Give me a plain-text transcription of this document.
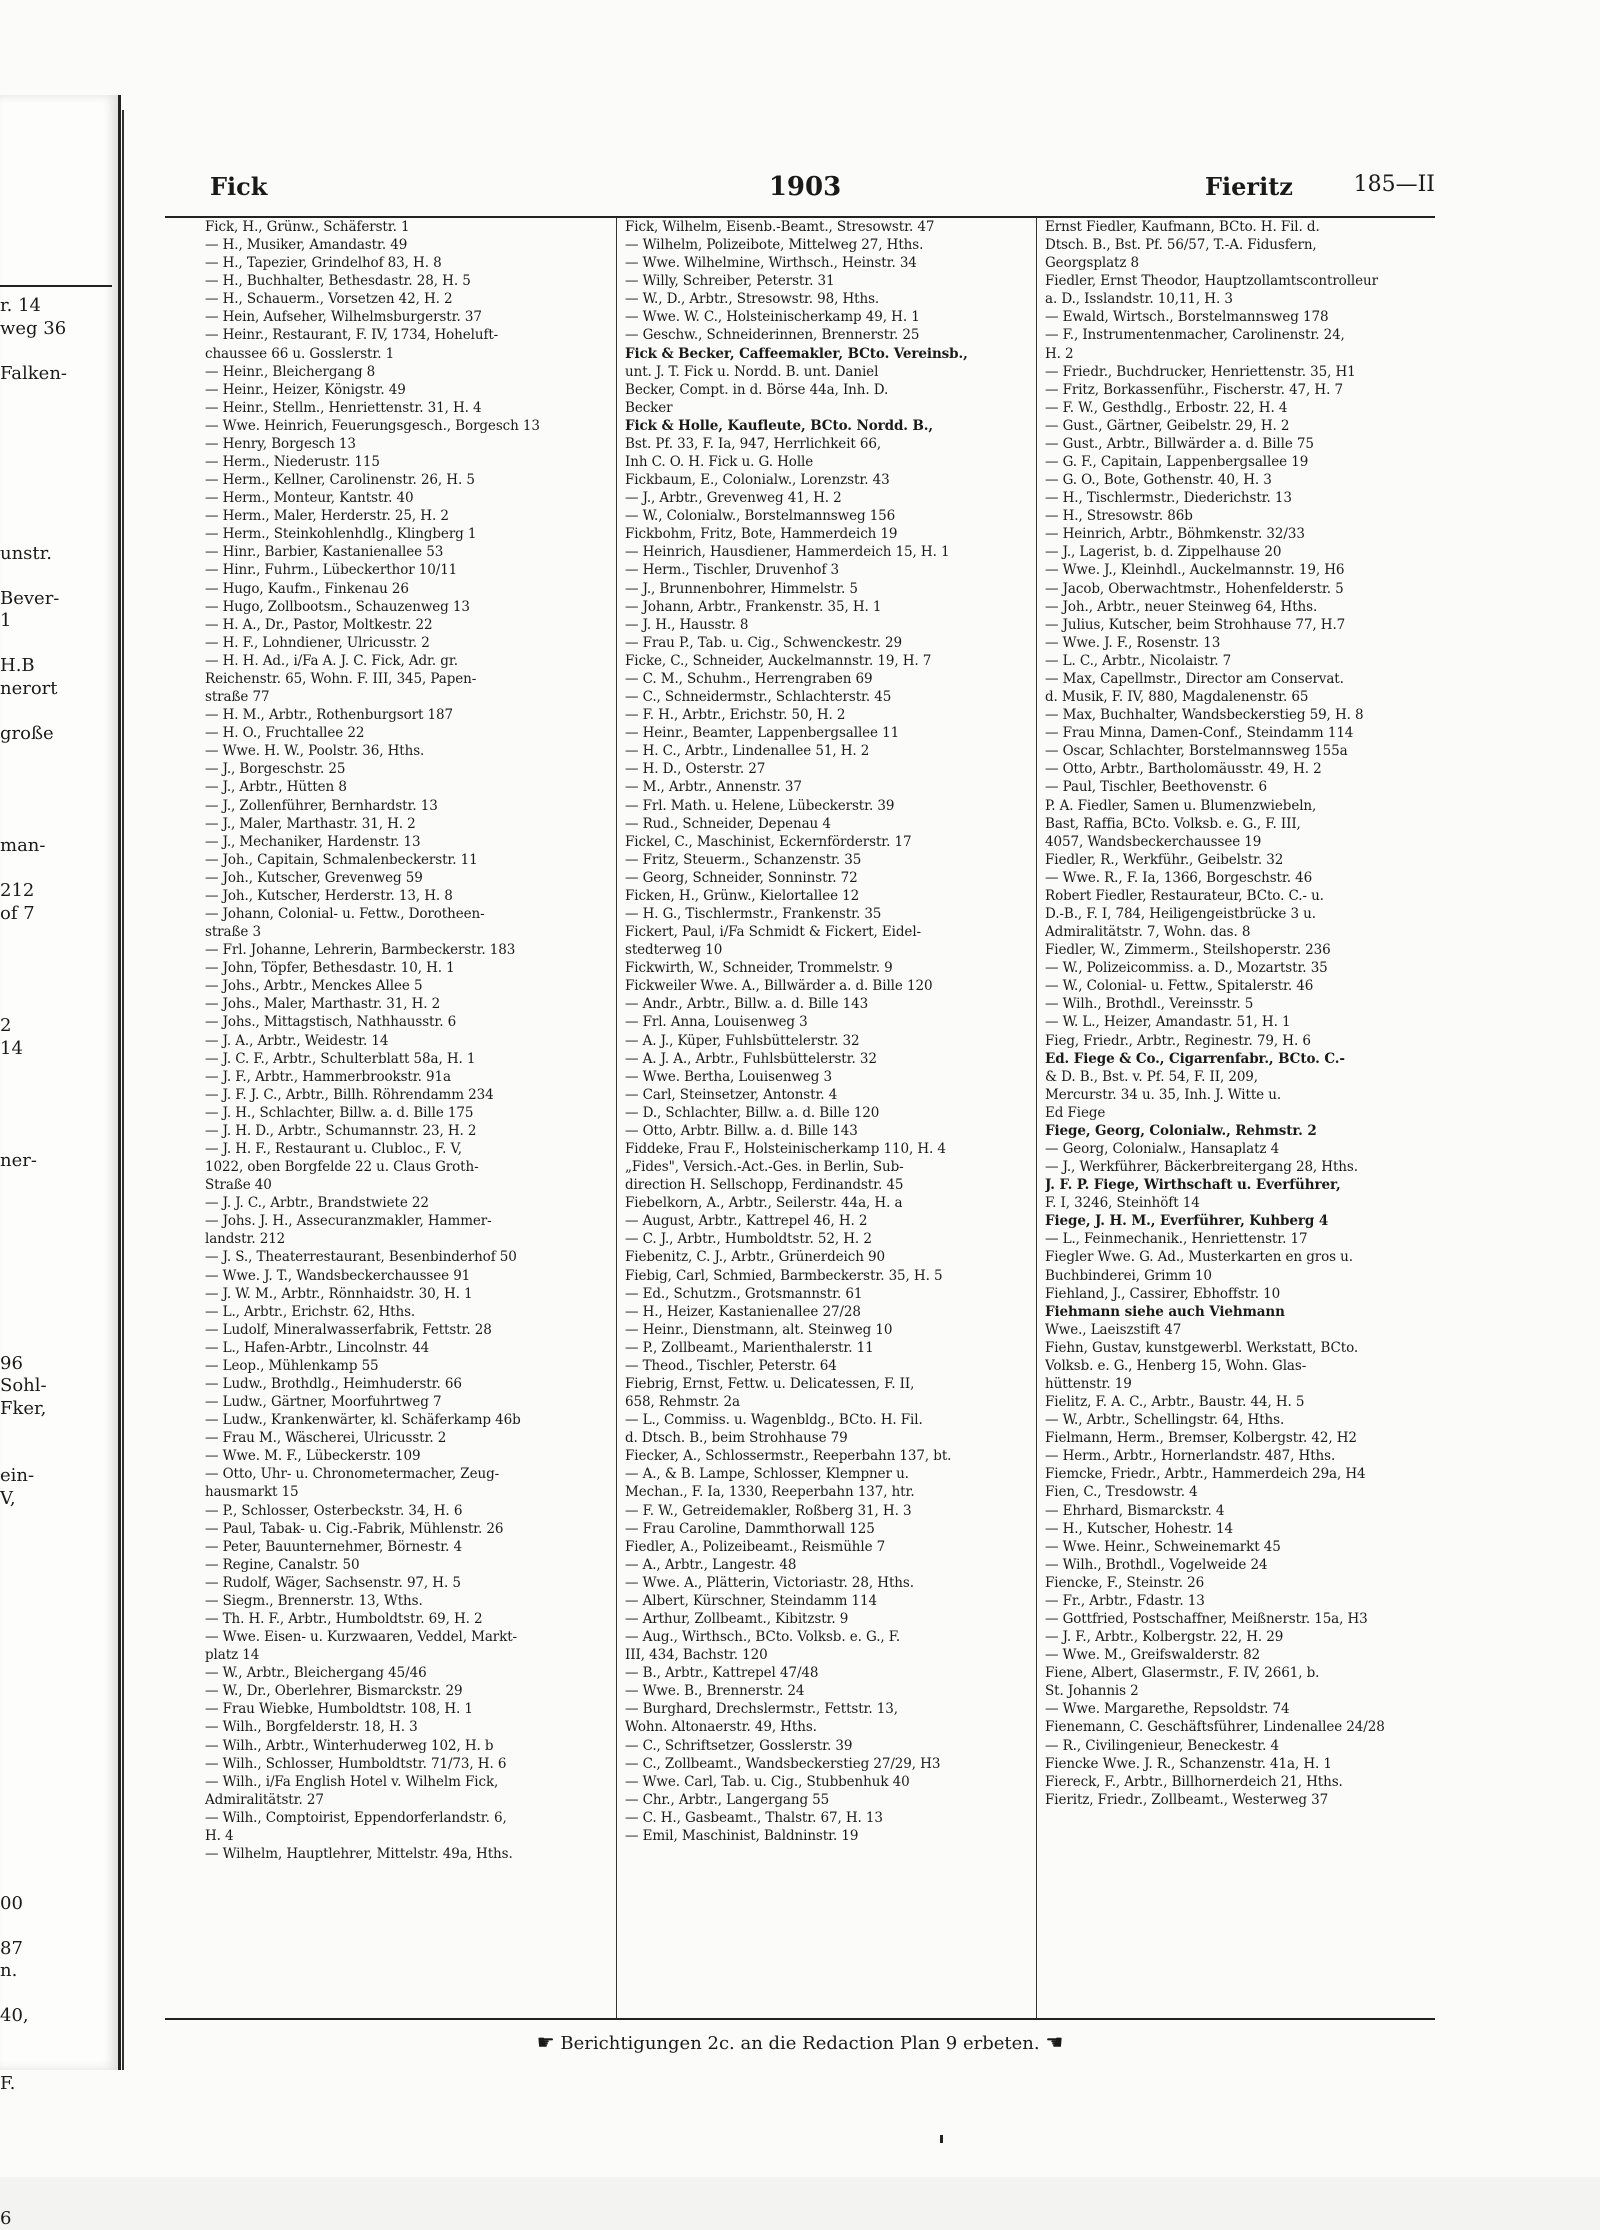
r. 14
weg 36
Falken-
unstr.
Bever-
1
H.B
nerort
große
man-
212
of 7
2
14
ner-
96
Sohl-
Fker,
ein-
V,
00
87
n.
40,
F.
6
Fick	1903	Fieritz	185—II
Fick, H., Grünw., Schäferstr. 1
— H., Musiker, Amandastr. 49
— H., Tapezier, Grindelhof 83, H. 8
— H., Buchhalter, Bethesdastr. 28, H. 5
— H., Schauerm., Vorsetzen 42, H. 2
— Hein, Aufseher, Wilhelmsburgerstr. 37
— Heinr., Restaurant, F. IV, 1734, Hoheluft-
chaussee 66 u. Gosslerstr. 1
— Heinr., Bleichergang 8
— Heinr., Heizer, Königstr. 49
— Heinr., Stellm., Henriettenstr. 31, H. 4
— Wwe. Heinrich, Feuerungsgesch., Borgesch 13
— Henry, Borgesch 13
— Herm., Niederustr. 115
— Herm., Kellner, Carolinenstr. 26, H. 5
— Herm., Monteur, Kantstr. 40
— Herm., Maler, Herderstr. 25, H. 2
— Herm., Steinkohlenhdlg., Klingberg 1
— Hinr., Barbier, Kastanienallee 53
— Hinr., Fuhrm., Lübeckerthor 10/11
— Hugo, Kaufm., Finkenau 26
— Hugo, Zollbootsm., Schauzenweg 13
— H. A., Dr., Pastor, Moltkestr. 22
— H. F., Lohndiener, Ulricusstr. 2
— H. H. Ad., i/Fa A. J. C. Fick, Adr. gr.
Reichenstr. 65, Wohn. F. III, 345, Papen-
straße 77
— H. M., Arbtr., Rothenburgsort 187
— H. O., Fruchtallee 22
— Wwe. H. W., Poolstr. 36, Hths.
— J., Borgeschstr. 25
— J., Arbtr., Hütten 8
— J., Zollenführer, Bernhardstr. 13
— J., Maler, Marthastr. 31, H. 2
— J., Mechaniker, Hardenstr. 13
— Joh., Capitain, Schmalenbeckerstr. 11
— Joh., Kutscher, Grevenweg 59
— Joh., Kutscher, Herderstr. 13, H. 8
— Johann, Colonial- u. Fettw., Dorotheen-
straße 3
— Frl. Johanne, Lehrerin, Barmbeckerstr. 183
— John, Töpfer, Bethesdastr. 10, H. 1
— Johs., Arbtr., Menckes Allee 5
— Johs., Maler, Marthastr. 31, H. 2
— Johs., Mittagstisch, Nathhausstr. 6
— J. A., Arbtr., Weidestr. 14
— J. C. F., Arbtr., Schulterblatt 58a, H. 1
— J. F., Arbtr., Hammerbrookstr. 91a
— J. F. J. C., Arbtr., Billh. Röhrendamm 234
— J. H., Schlachter, Billw. a. d. Bille 175
— J. H. D., Arbtr., Schumannstr. 23, H. 2
— J. H. F., Restaurant u. Clubloc., F. V,
1022, oben Borgfelde 22 u. Claus Groth-
Straße 40
— J. J. C., Arbtr., Brandstwiete 22
— Johs. J. H., Assecuranzmakler, Hammer-
landstr. 212
— J. S., Theaterrestaurant, Besenbinderhof 50
— Wwe. J. T., Wandsbeckerchaussee 91
— J. W. M., Arbtr., Rönnhaidstr. 30, H. 1
— L., Arbtr., Erichstr. 62, Hths.
— Ludolf, Mineralwasserfabrik, Fettstr. 28
— L., Hafen-Arbtr., Lincolnstr. 44
— Leop., Mühlenkamp 55
— Ludw., Brothdlg., Heimhuderstr. 66
— Ludw., Gärtner, Moorfuhrtweg 7
— Ludw., Krankenwärter, kl. Schäferkamp 46b
— Frau M., Wäscherei, Ulricusstr. 2
— Wwe. M. F., Lübeckerstr. 109
— Otto, Uhr- u. Chronometermacher, Zeug-
hausmarkt 15
— P., Schlosser, Osterbeckstr. 34, H. 6
— Paul, Tabak- u. Cig.-Fabrik, Mühlenstr. 26
— Peter, Bauunternehmer, Börnestr. 4
— Regine, Canalstr. 50
— Rudolf, Wäger, Sachsenstr. 97, H. 5
— Siegm., Brennerstr. 13, Wths.
— Th. H. F., Arbtr., Humboldtstr. 69, H. 2
— Wwe. Eisen- u. Kurzwaaren, Veddel, Markt-
platz 14
— W., Arbtr., Bleichergang 45/46
— W., Dr., Oberlehrer, Bismarckstr. 29
— Frau Wiebke, Humboldtstr. 108, H. 1
— Wilh., Borgfelderstr. 18, H. 3
— Wilh., Arbtr., Winterhuderweg 102, H. b
— Wilh., Schlosser, Humboldtstr. 71/73, H. 6
— Wilh., i/Fa English Hotel v. Wilhelm Fick,
Admiralitätstr. 27
— Wilh., Comptoirist, Eppendorferlandstr. 6,
H. 4
— Wilhelm, Hauptlehrer, Mittelstr. 49a, Hths.
Fick, Wilhelm, Eisenb.-Beamt., Stresowstr. 47
— Wilhelm, Polizeibote, Mittelweg 27, Hths.
— Wwe. Wilhelmine, Wirthsch., Heinstr. 34
— Willy, Schreiber, Peterstr. 31
— W., D., Arbtr., Stresowstr. 98, Hths.
— Wwe. W. C., Holsteinischerkamp 49, H. 1
— Geschw., Schneiderinnen, Brennerstr. 25
Fick & Becker, Caffeemakler, BCto. Vereinsb.,
unt. J. T. Fick u. Nordd. B. unt. Daniel
Becker, Compt. in d. Börse 44a, Inh. D.
Becker
Fick & Holle, Kaufleute, BCto. Nordd. B.,
Bst. Pf. 33, F. Ia, 947, Herrlichkeit 66,
Inh C. O. H. Fick u. G. Holle
Fickbaum, E., Colonialw., Lorenzstr. 43
— J., Arbtr., Grevenweg 41, H. 2
— W., Colonialw., Borstelmannsweg 156
Fickbohm, Fritz, Bote, Hammerdeich 19
— Heinrich, Hausdiener, Hammerdeich 15, H. 1
— Herm., Tischler, Druvenhof 3
— J., Brunnenbohrer, Himmelstr. 5
— Johann, Arbtr., Frankenstr. 35, H. 1
— J. H., Hausstr. 8
— Frau P., Tab. u. Cig., Schwenckestr. 29
Ficke, C., Schneider, Auckelmannstr. 19, H. 7
— C. M., Schuhm., Herrengraben 69
— C., Schneidermstr., Schlachterstr. 45
— F. H., Arbtr., Erichstr. 50, H. 2
— Heinr., Beamter, Lappenbergsallee 11
— H. C., Arbtr., Lindenallee 51, H. 2
— H. D., Osterstr. 27
— M., Arbtr., Annenstr. 37
— Frl. Math. u. Helene, Lübeckerstr. 39
— Rud., Schneider, Depenau 4
Fickel, C., Maschinist, Eckernförderstr. 17
— Fritz, Steuerm., Schanzenstr. 35
— Georg, Schneider, Sonninstr. 72
Ficken, H., Grünw., Kielortallee 12
— H. G., Tischlermstr., Frankenstr. 35
Fickert, Paul, i/Fa Schmidt & Fickert, Eidel-
stedterweg 10
Fickwirth, W., Schneider, Trommelstr. 9
Fickweiler Wwe. A., Billwärder a. d. Bille 120
— Andr., Arbtr., Billw. a. d. Bille 143
— Frl. Anna, Louisenweg 3
— A. J., Küper, Fuhlsbüttelerstr. 32
— A. J. A., Arbtr., Fuhlsbüttelerstr. 32
— Wwe. Bertha, Louisenweg 3
— Carl, Steinsetzer, Antonstr. 4
— D., Schlachter, Billw. a. d. Bille 120
— Otto, Arbtr. Billw. a. d. Bille 143
Fiddeke, Frau F., Holsteinischerkamp 110, H. 4
„Fides", Versich.-Act.-Ges. in Berlin, Sub-
direction H. Sellschopp, Ferdinandstr. 45
Fiebelkorn, A., Arbtr., Seilerstr. 44a, H. a
— August, Arbtr., Kattrepel 46, H. 2
— C. J., Arbtr., Humboldtstr. 52, H. 2
Fiebenitz, C. J., Arbtr., Grünerdeich 90
Fiebig, Carl, Schmied, Barmbeckerstr. 35, H. 5
— Ed., Schutzm., Grotsmannstr. 61
— H., Heizer, Kastanienallee 27/28
— Heinr., Dienstmann, alt. Steinweg 10
— P., Zollbeamt., Marienthalerstr. 11
— Theod., Tischler, Peterstr. 64
Fiebrig, Ernst, Fettw. u. Delicatessen, F. II,
658, Rehmstr. 2a
— L., Commiss. u. Wagenbldg., BCto. H. Fil.
d. Dtsch. B., beim Strohhause 79
Fiecker, A., Schlossermstr., Reeperbahn 137, bt.
— A., & B. Lampe, Schlosser, Klempner u.
Mechan., F. Ia, 1330, Reeperbahn 137, htr.
— F. W., Getreidemakler, Roßberg 31, H. 3
— Frau Caroline, Dammthorwall 125
Fiedler, A., Polizeibeamt., Reismühle 7
— A., Arbtr., Langestr. 48
— Wwe. A., Plätterin, Victoriastr. 28, Hths.
— Albert, Kürschner, Steindamm 114
— Arthur, Zollbeamt., Kibitzstr. 9
— Aug., Wirthsch., BCto. Volksb. e. G., F.
III, 434, Bachstr. 120
— B., Arbtr., Kattrepel 47/48
— Wwe. B., Brennerstr. 24
— Burghard, Drechslermstr., Fettstr. 13,
Wohn. Altonaerstr. 49, Hths.
— C., Schriftsetzer, Gosslerstr. 39
— C., Zollbeamt., Wandsbeckerstieg 27/29, H3
— Wwe. Carl, Tab. u. Cig., Stubbenhuk 40
— Chr., Arbtr., Langergang 55
— C. H., Gasbeamt., Thalstr. 67, H. 13
— Emil, Maschinist, Baldninstr. 19
Ernst Fiedler, Kaufmann, BCto. H. Fil. d.
Dtsch. B., Bst. Pf. 56/57, T.-A. Fidusfern,
Georgsplatz 8
Fiedler, Ernst Theodor, Hauptzollamtscontrolleur
a. D., Isslandstr. 10,11, H. 3
— Ewald, Wirtsch., Borstelmannsweg 178
— F., Instrumentenmacher, Carolinenstr. 24,
H. 2
— Friedr., Buchdrucker, Henriettenstr. 35, H1
— Fritz, Borkassenführ., Fischerstr. 47, H. 7
— F. W., Gesthdlg., Erbostr. 22, H. 4
— Gust., Gärtner, Geibelstr. 29, H. 2
— Gust., Arbtr., Billwärder a. d. Bille 75
— G. F., Capitain, Lappenbergsallee 19
— G. O., Bote, Gothenstr. 40, H. 3
— H., Tischlermstr., Diederichstr. 13
— H., Stresowstr. 86b
— Heinrich, Arbtr., Böhmkenstr. 32/33
— J., Lagerist, b. d. Zippelhause 20
— Wwe. J., Kleinhdl., Auckelmannstr. 19, H6
— Jacob, Oberwachtmstr., Hohenfelderstr. 5
— Joh., Arbtr., neuer Steinweg 64, Hths.
— Julius, Kutscher, beim Strohhause 77, H.7
— Wwe. J. F., Rosenstr. 13
— L. C., Arbtr., Nicolaistr. 7
— Max, Capellmstr., Director am Conservat.
d. Musik, F. IV, 880, Magdalenenstr. 65
— Max, Buchhalter, Wandsbeckerstieg 59, H. 8
— Frau Minna, Damen-Conf., Steindamm 114
— Oscar, Schlachter, Borstelmannsweg 155a
— Otto, Arbtr., Bartholomäusstr. 49, H. 2
— Paul, Tischler, Beethovenstr. 6
P. A. Fiedler, Samen u. Blumenzwiebeln,
Bast, Raffia, BCto. Volksb. e. G., F. III,
4057, Wandsbeckerchaussee 19
Fiedler, R., Werkführ., Geibelstr. 32
— Wwe. R., F. Ia, 1366, Borgeschstr. 46
Robert Fiedler, Restaurateur, BCto. C.- u.
D.-B., F. I, 784, Heiligengeistbrücke 3 u.
Admiralitätstr. 7, Wohn. das. 8
Fiedler, W., Zimmerm., Steilshoperstr. 236
— W., Polizeicommiss. a. D., Mozartstr. 35
— W., Colonial- u. Fettw., Spitalerstr. 46
— Wilh., Brothdl., Vereinsstr. 5
— W. L., Heizer, Amandastr. 51, H. 1
Fieg, Friedr., Arbtr., Reginestr. 79, H. 6
Ed. Fiege & Co., Cigarrenfabr., BCto. C.-
& D. B., Bst. v. Pf. 54, F. II, 209,
Mercurstr. 34 u. 35, Inh. J. Witte u.
Ed Fiege
Fiege, Georg, Colonialw., Rehmstr. 2
— Georg, Colonialw., Hansaplatz 4
— J., Werkführer, Bäckerbreitergang 28, Hths.
J. F. P. Fiege, Wirthschaft u. Everführer,
F. I, 3246, Steinhöft 14
Fiege, J. H. M., Everführer, Kuhberg 4
— L., Feinmechanik., Henriettenstr. 17
Fiegler Wwe. G. Ad., Musterkarten en gros u.
Buchbinderei, Grimm 10
Fiehland, J., Cassirer, Ebhoffstr. 10
Fiehmann siehe auch Viehmann
Wwe., Laeiszstift 47
Fiehn, Gustav, kunstgewerbl. Werkstatt, BCto.
Volksb. e. G., Henberg 15, Wohn. Glas-
hüttenstr. 19
Fielitz, F. A. C., Arbtr., Baustr. 44, H. 5
— W., Arbtr., Schellingstr. 64, Hths.
Fielmann, Herm., Bremser, Kolbergstr. 42, H2
— Herm., Arbtr., Hornerlandstr. 487, Hths.
Fiemcke, Friedr., Arbtr., Hammerdeich 29a, H4
Fien, C., Tresdowstr. 4
— Ehrhard, Bismarckstr. 4
— H., Kutscher, Hohestr. 14
— Wwe. Heinr., Schweinemarkt 45
— Wilh., Brothdl., Vogelweide 24
Fiencke, F., Steinstr. 26
— Fr., Arbtr., Fdastr. 13
— Gottfried, Postschaffner, Meißnerstr. 15a, H3
— J. F., Arbtr., Kolbergstr. 22, H. 29
— Wwe. M., Greifswalderstr. 82
Fiene, Albert, Glasermstr., F. IV, 2661, b.
St. Johannis 2
— Wwe. Margarethe, Repsoldstr. 74
Fienemann, C. Geschäftsführer, Lindenallee 24/28
— R., Civilingenieur, Beneckestr. 4
Fiencke Wwe. J. R., Schanzenstr. 41a, H. 1
Fiereck, F., Arbtr., Billhornerdeich 21, Hths.
Fieritz, Friedr., Zollbeamt., Westerweg 37
☛ Berichtigungen 2c. an die Redaction Plan 9 erbeten. ☚
